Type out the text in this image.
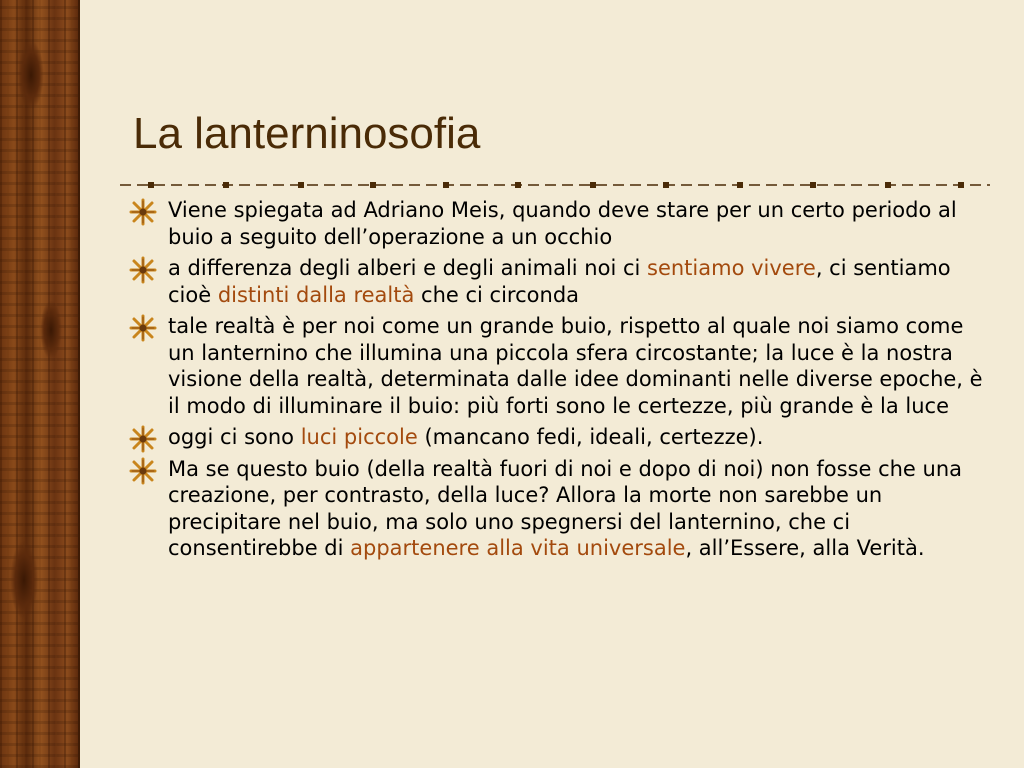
La lanterninosofia
Viene spiegata ad Adriano Meis, quando deve stare per un certo periodo al buio a seguito dell’operazione a un occhio
a differenza degli alberi e degli animali noi ci sentiamo vivere, ci sentiamo cioè distinti dalla realtà che ci circonda
tale realtà è per noi come un grande buio, rispetto al quale noi siamo come un lanternino che illumina una piccola sfera circostante; la luce è la nostra visione della realtà, determinata dalle idee dominanti nelle diverse epoche, è il modo di illuminare il buio: più forti sono le certezze, più grande è la luce
oggi ci sono luci piccole (mancano fedi, ideali, certezze).
Ma se questo buio (della realtà fuori di noi e dopo di noi) non fosse che una creazione, per contrasto, della luce? Allora la morte non sarebbe un precipitare nel buio, ma solo uno spegnersi del lanternino, che ci consentirebbe di appartenere alla vita universale, all’Essere, alla Verità.
